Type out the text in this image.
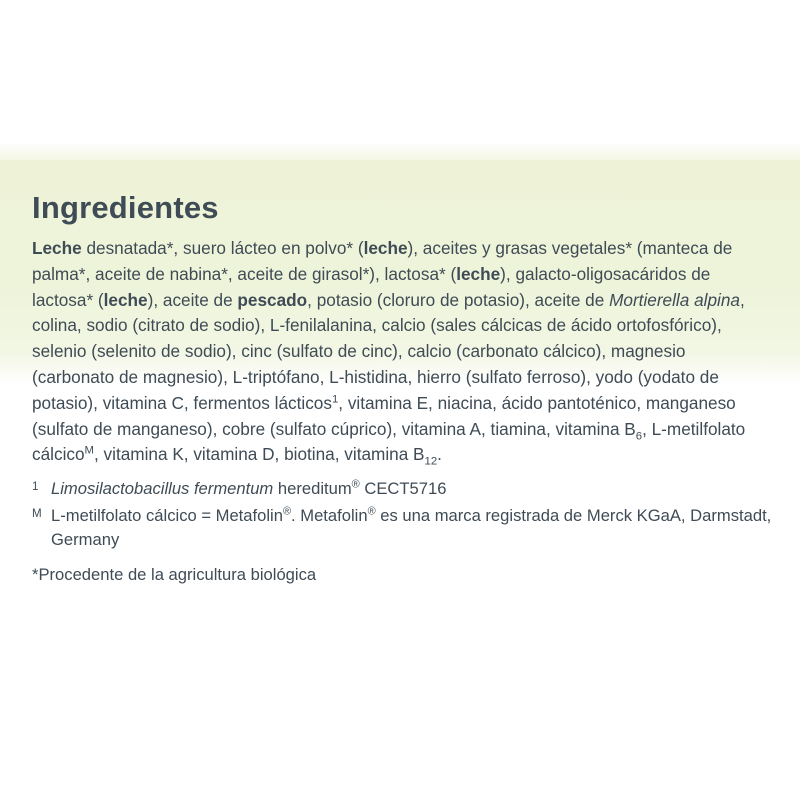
Ingredientes

Leche desnatada*, suero lácteo en polvo* (leche), aceites y grasas vegetales* (manteca de palma*, aceite de nabina*, aceite de girasol*), lactosa* (leche), galacto-oligosacáridos de lactosa* (leche), aceite de pescado, potasio (cloruro de potasio), aceite de Mortierella alpina, colina, sodio (citrato de sodio), L-fenilalanina, calcio (sales cálcicas de ácido ortofosfórico), selenio (selenito de sodio), cinc (sulfato de cinc), calcio (carbonato cálcico), magnesio (carbonato de magnesio), L-triptófano, L-histidina, hierro (sulfato ferroso), yodo (yodato de potasio), vitamina C, fermentos lácticos$^1$, vitamina E, niacina, ácido pantoténico, manganeso (sulfato de manganeso), cobre (sulfato cúprico), vitamina A, tiamina, vitamina $B_6$, L-metilfolato cálcico$^M$, vitamina K, vitamina D, biotina, vitamina $B_{12}$.

1 Limosilactobacillus fermentum hereditum® CECT5716
M L-metilfolato cálcico = Metafolin®. Metafolin® es una marca registrada de Merck KGaA, Darmstadt, Germany
*Procedente de la agricultura biológica
